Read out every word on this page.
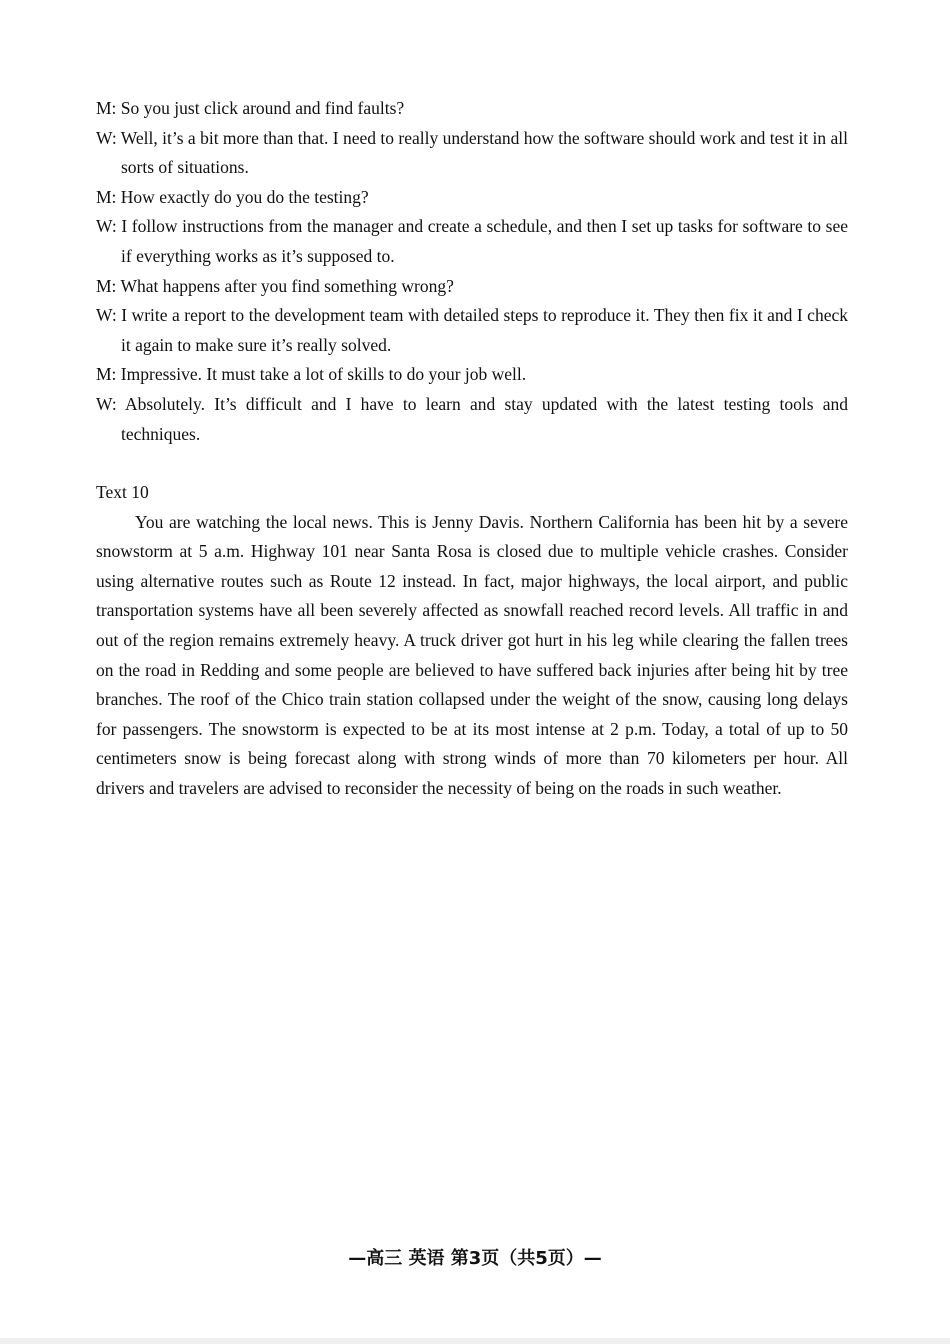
M: So you just click around and find faults?

W: Well, it’s a bit more than that. I need to really understand how the software should work and test it in all sorts of situations.

M: How exactly do you do the testing?

W: I follow instructions from the manager and create a schedule, and then I set up tasks for software to see if everything works as it’s supposed to.

M: What happens after you find something wrong?

W: I write a report to the development team with detailed steps to reproduce it. They then fix it and I check it again to make sure it’s really solved.

M: Impressive. It must take a lot of skills to do your job well.

W: Absolutely. It’s difficult and I have to learn and stay updated with the latest testing tools and techniques.

Text 10

You are watching the local news. This is Jenny Davis. Northern California has been hit by a severe snowstorm at 5 a.m. Highway 101 near Santa Rosa is closed due to multiple vehicle crashes. Consider using alternative routes such as Route 12 instead. In fact, major highways, the local airport, and public transportation systems have all been severely affected as snowfall reached record levels. All traffic in and out of the region remains extremely heavy. A truck driver got hurt in his leg while clearing the fallen trees on the road in Redding and some people are believed to have suffered back injuries after being hit by tree branches. The roof of the Chico train station collapsed under the weight of the snow, causing long delays for passengers. The snowstorm is expected to be at its most intense at 2 p.m. Today, a total of up to 50 centimeters snow is being forecast along with strong winds of more than 70 kilometers per hour. All drivers and travelers are advised to reconsider the necessity of being on the roads in such weather.

—高三 英语 第3页（共5页）—
